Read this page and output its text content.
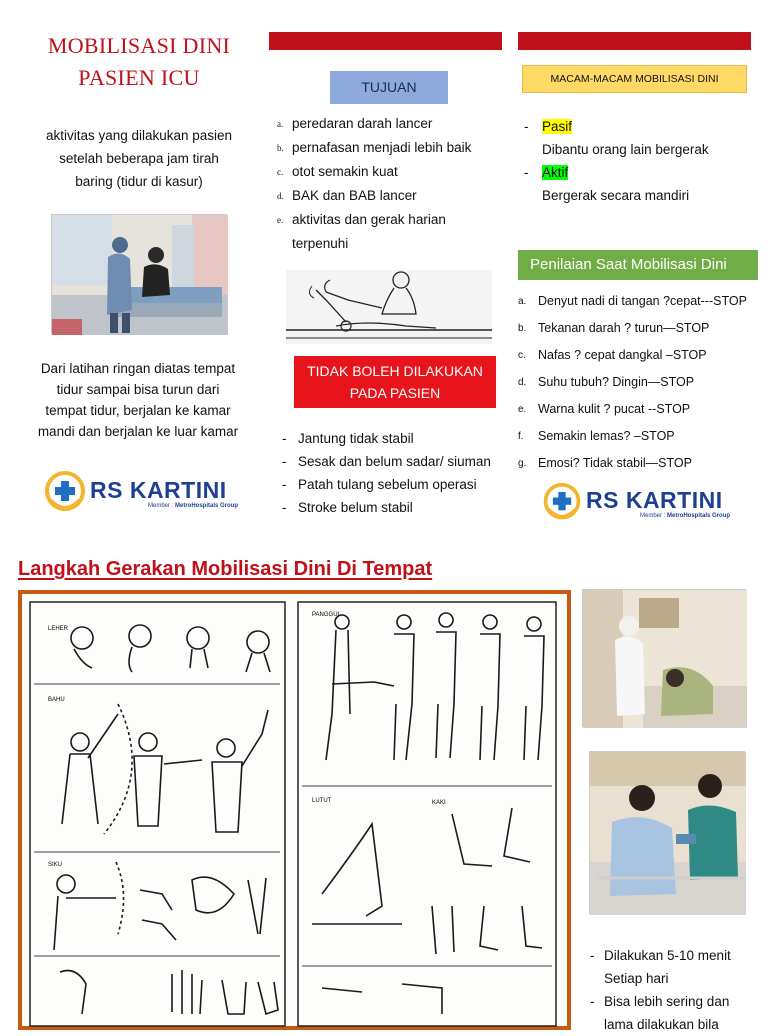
MOBILISASI DINI
PASIEN ICU
aktivitas yang dilakukan pasien
setelah beberapa jam tirah
baring (tidur di kasur)
Dari latihan ringan diatas tempat
tidur sampai bisa turun dari
tempat tidur, berjalan ke kamar
mandi dan berjalan ke luar kamar
RS KARTINI
Member : MetroHospitals Group
TUJUAN
a. peredaran darah lancer
b. pernafasan menjadi lebih baik
c. otot semakin kuat
d. BAK dan BAB lancer
e. aktivitas dan gerak harian
terpenuhi
TIDAK BOLEH DILAKUKAN
PADA PASIEN
- Jantung tidak stabil
- Sesak dan belum sadar/ siuman
- Patah tulang sebelum operasi
- Stroke belum stabil
MACAM-MACAM MOBILISASI DINI
- Pasif
Dibantu orang lain bergerak
- Aktif
Bergerak secara mandiri
Penilaian Saat Mobilisasi Dini
a. Denyut nadi di tangan ?cepat---STOP
b. Tekanan darah ? turun—STOP
c. Nafas ? cepat dangkal –STOP
d. Suhu tubuh? Dingin—STOP
e. Warna kulit ? pucat --STOP
f.	Semakin lemas? –STOP
g. Emosi? Tidak stabil—STOP
RS KARTINI
Member : MetroHospitals Group
Langkah Gerakan Mobilisasi Dini Di Tempat
LEHER
BAHU
SIKU
PANGGUL
LUTUT	KAKI
- Dilakukan 5-10 menit
Setiap hari
- Bisa lebih sering dan
lama dilakukan bila
